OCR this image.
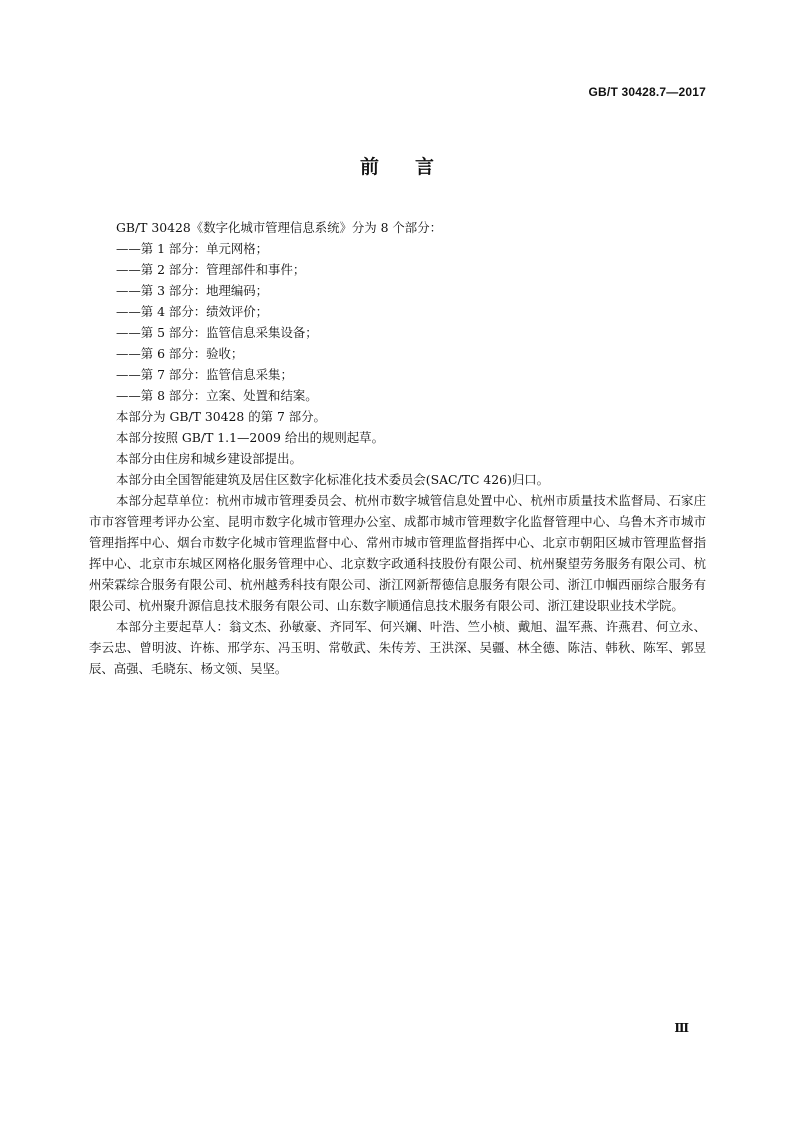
GB/T 30428.7—2017
前言
GB/T 30428《数字化城市管理信息系统》分为 8 个部分：
——第 1 部分：单元网格；
——第 2 部分：管理部件和事件；
——第 3 部分：地理编码；
——第 4 部分：绩效评价；
——第 5 部分：监管信息采集设备；
——第 6 部分：验收；
——第 7 部分：监管信息采集；
——第 8 部分：立案、处置和结案。
本部分为 GB/T 30428 的第 7 部分。
本部分按照 GB/T 1.1—2009 给出的规则起草。
本部分由住房和城乡建设部提出。
本部分由全国智能建筑及居住区数字化标准化技术委员会(SAC/TC 426)归口。
本部分起草单位：杭州市城市管理委员会、杭州市数字城管信息处置中心、杭州市质量技术监督局、石家庄市市容管理考评办公室、昆明市数字化城市管理办公室、成都市城市管理数字化监督管理中心、乌鲁木齐市城市管理指挥中心、烟台市数字化城市管理监督中心、常州市城市管理监督指挥中心、北京市朝阳区城市管理监督指挥中心、北京市东城区网格化服务管理中心、北京数字政通科技股份有限公司、杭州聚望劳务服务有限公司、杭州荣霖综合服务有限公司、杭州越秀科技有限公司、浙江网新帮德信息服务有限公司、浙江巾帼西丽综合服务有限公司、杭州聚升源信息技术服务有限公司、山东数字顺通信息技术服务有限公司、浙江建设职业技术学院。
本部分主要起草人：翁文杰、孙敏豪、齐同军、何兴斓、叶浩、竺小桢、戴旭、温军燕、许燕君、何立永、李云忠、曾明波、许栋、邢学东、冯玉明、常敬武、朱传芳、王洪深、吴疆、林全德、陈洁、韩秋、陈军、郭昱辰、高强、毛晓东、杨文领、吴坚。
Ⅲ
